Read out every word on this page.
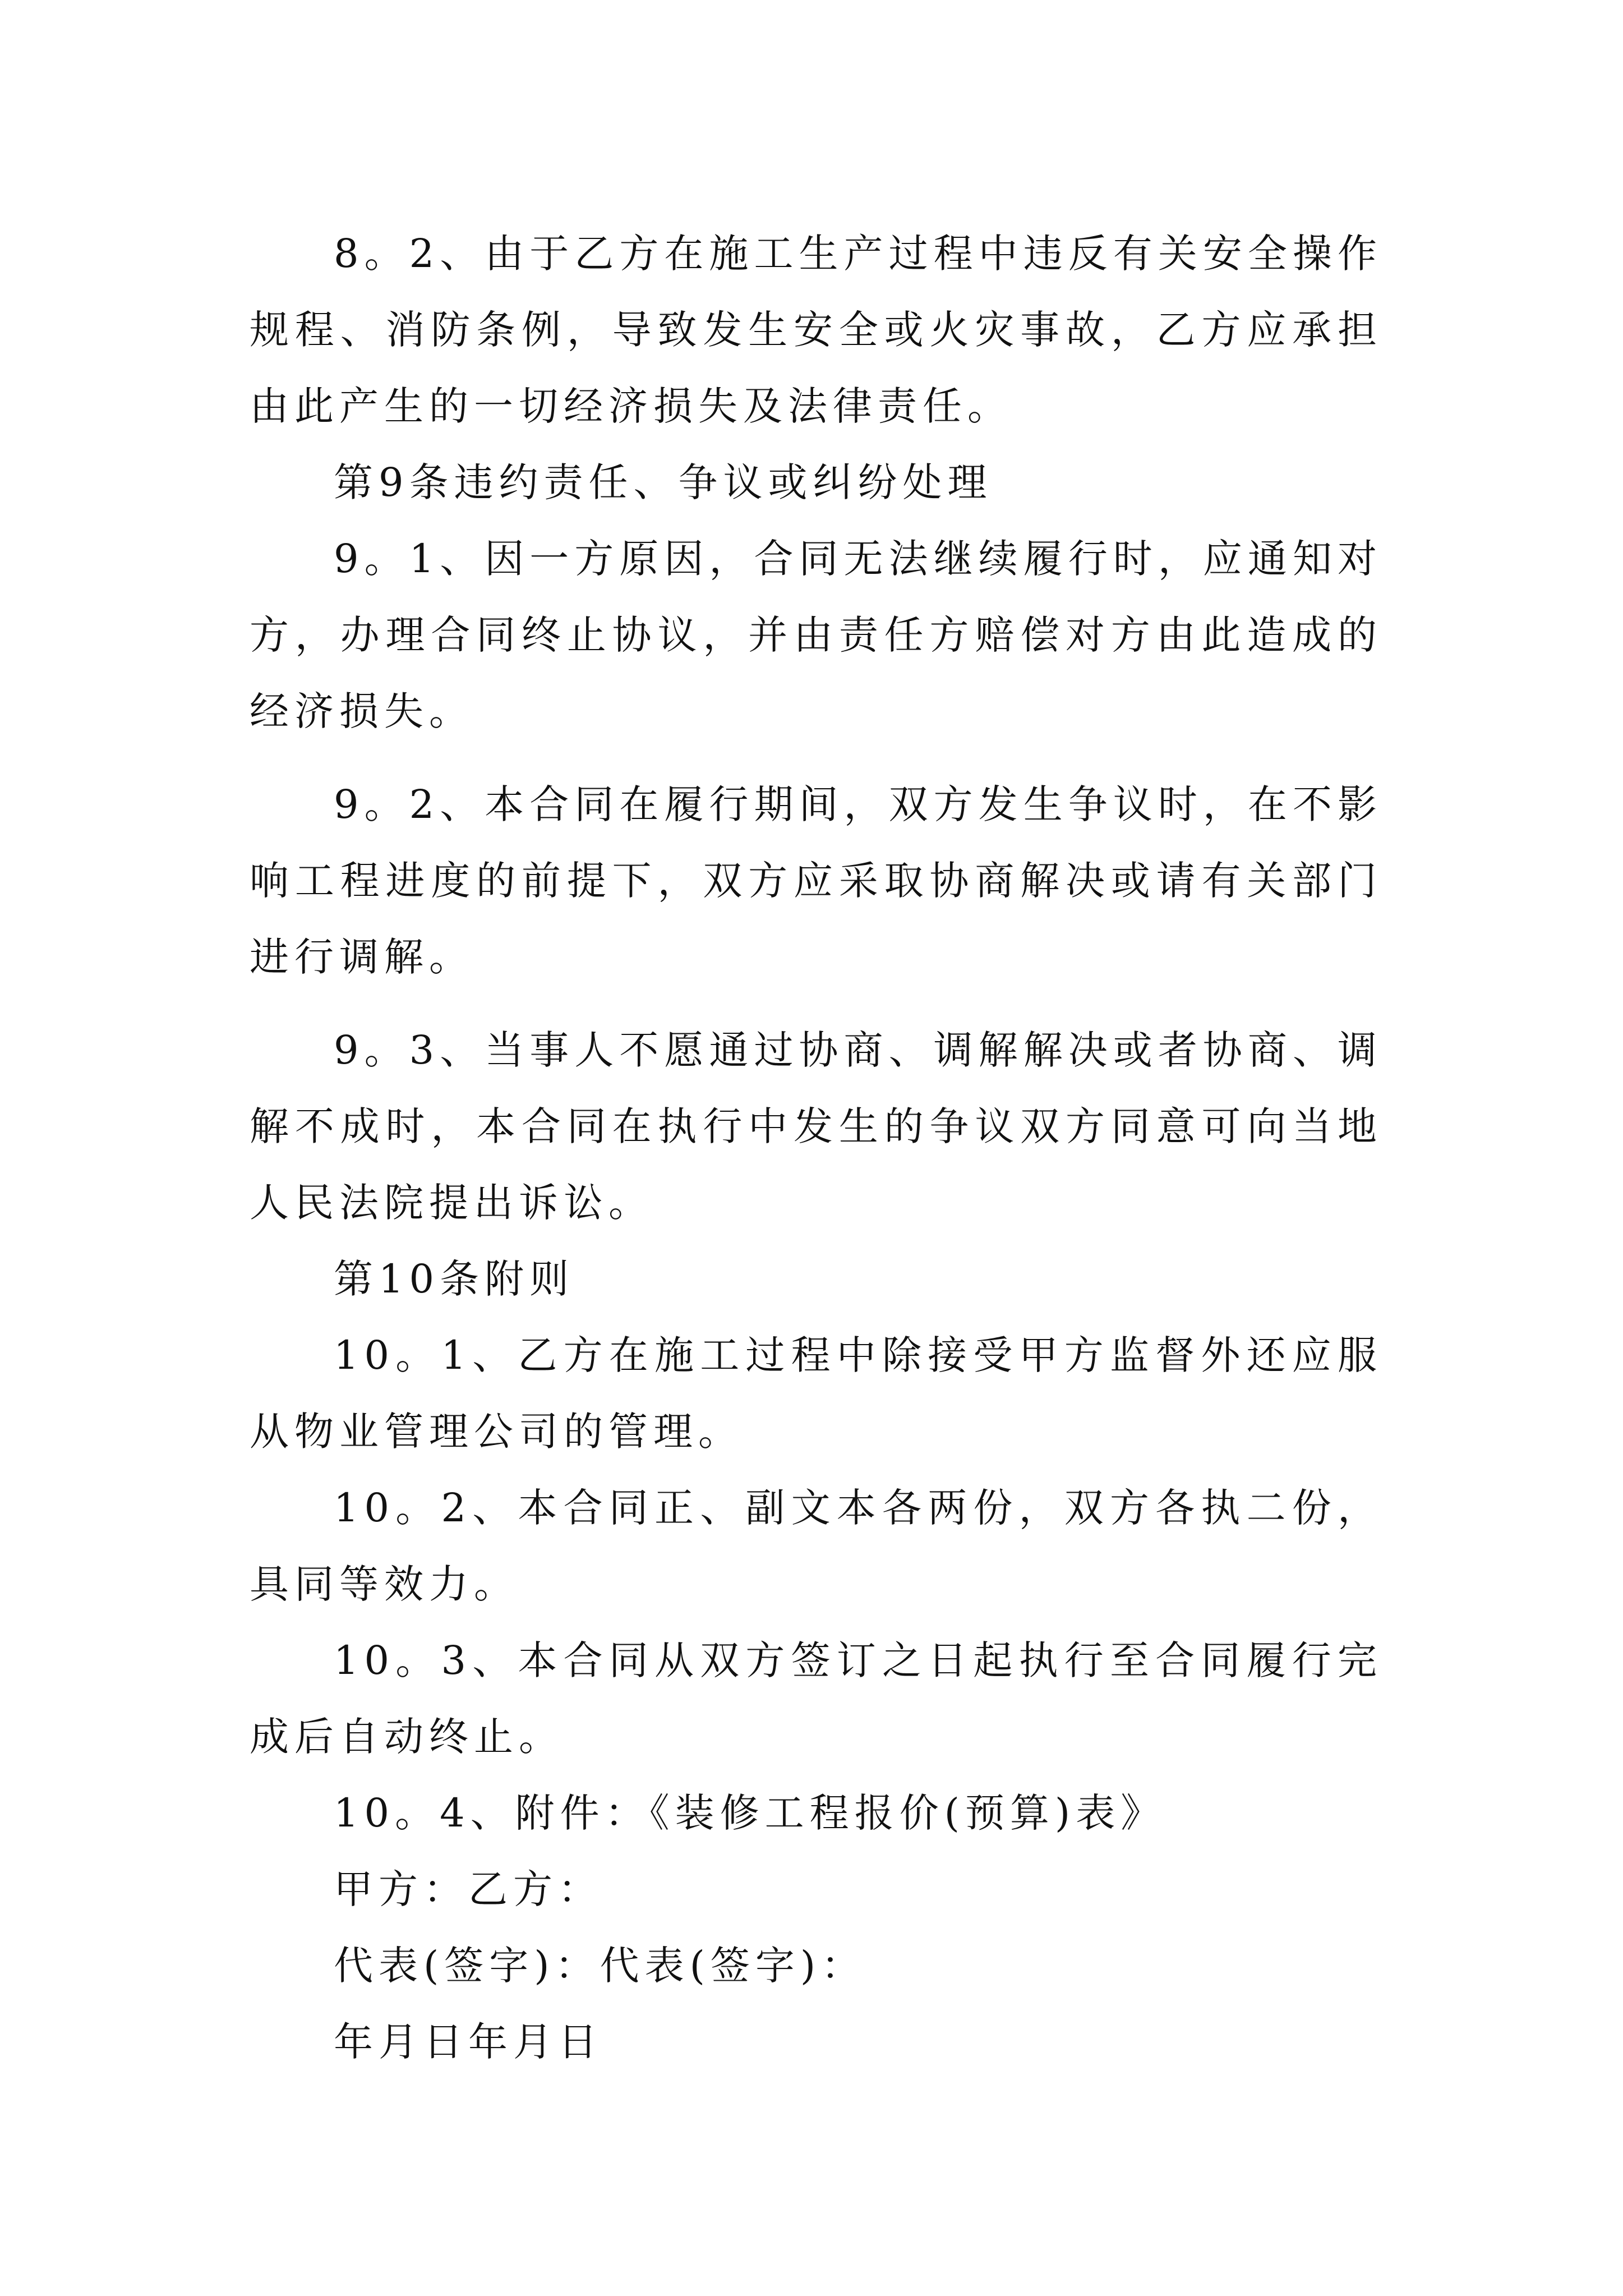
8。2、由于乙方在施工生产过程中违反有关安全操作规程、消防条例，导致发生安全或火灾事故，乙方应承担由此产生的一切经济损失及法律责任。

第9条违约责任、争议或纠纷处理

9。1、因一方原因，合同无法继续履行时，应通知对方，办理合同终止协议，并由责任方赔偿对方由此造成的经济损失。

9。2、本合同在履行期间，双方发生争议时，在不影响工程进度的前提下，双方应采取协商解决或请有关部门进行调解。

9。3、当事人不愿通过协商、调解解决或者协商、调解不成时，本合同在执行中发生的争议双方同意可向当地人民法院提出诉讼。

第10条附则

10。1、乙方在施工过程中除接受甲方监督外还应服从物业管理公司的管理。

10。2、本合同正、副文本各两份，双方各执二份，具同等效力。

10。3、本合同从双方签订之日起执行至合同履行完成后自动终止。

10。4、附件：《装修工程报价(预算)表》

甲方：乙方：

代表(签字)：代表(签字)：

年月日年月日
